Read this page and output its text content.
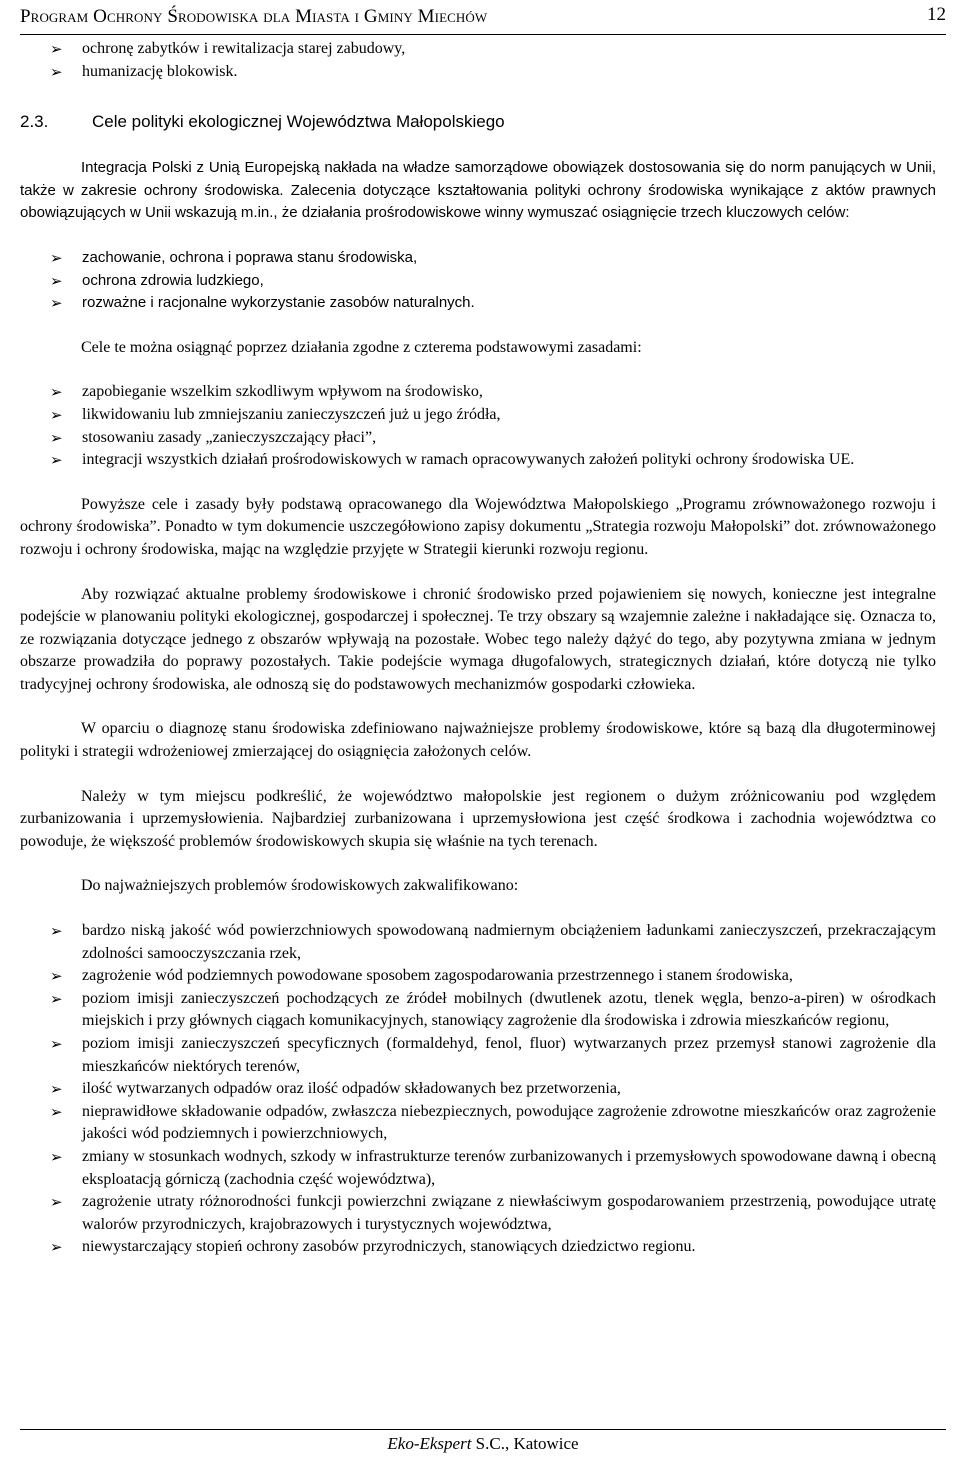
Program Ochrony Środowiska dla Miasta i Gminy Miechów	12
➢ ochronę zabytków i rewitalizacja starej zabudowy,
➢ humanizację blokowisk.
2.3.	Cele polityki ekologicznej Województwa Małopolskiego

Integracja Polski z Unią Europejską nakłada na władze samorządowe obowiązek dostosowania się do norm panujących w Unii, także w zakresie ochrony środowiska. Zalecenia dotyczące kształtowania polityki ochrony środowiska wynikające z aktów prawnych obowiązujących w Unii wskazują m.in., że działania prośrodowiskowe winny wymuszać osiągnięcie trzech kluczowych celów:

➢ zachowanie, ochrona i poprawa stanu środowiska,
➢ ochrona zdrowia ludzkiego,
➢ rozważne i racjonalne wykorzystanie zasobów naturalnych.

Cele te można osiągnąć poprzez działania zgodne z czterema podstawowymi zasadami:

➢ zapobieganie wszelkim szkodliwym wpływom na środowisko,
➢ likwidowaniu lub zmniejszaniu zanieczyszczeń już u jego źródła,
➢ stosowaniu zasady „zanieczyszczający płaci”,
➢ integracji wszystkich działań prośrodowiskowych w ramach opracowywanych założeń polityki ochrony środowiska UE.

Powyższe cele i zasady były podstawą opracowanego dla Województwa Małopolskiego „Programu zrównoważonego rozwoju i ochrony środowiska”. Ponadto w tym dokumencie uszczegółowiono zapisy dokumentu „Strategia rozwoju Małopolski” dot. zrównoważonego rozwoju i ochrony środowiska, mając na względzie przyjęte w Strategii kierunki rozwoju regionu.

Aby rozwiązać aktualne problemy środowiskowe i chronić środowisko przed pojawieniem się nowych, konieczne jest integralne podejście w planowaniu polityki ekologicznej, gospodarczej i społecznej. Te trzy obszary są wzajemnie zależne i nakładające się. Oznacza to, ze rozwiązania dotyczące jednego z obszarów wpływają na pozostałe. Wobec tego należy dążyć do tego, aby pozytywna zmiana w jednym obszarze prowadziła do poprawy pozostałych. Takie podejście wymaga długofalowych, strategicznych działań, które dotyczą nie tylko tradycyjnej ochrony środowiska, ale odnoszą się do podstawowych mechanizmów gospodarki człowieka.

W oparciu o diagnozę stanu środowiska zdefiniowano najważniejsze problemy środowiskowe, które są bazą dla długoterminowej polityki i strategii wdrożeniowej zmierzającej do osiągnięcia założonych celów.

Należy w tym miejscu podkreślić, że województwo małopolskie jest regionem o dużym zróżnicowaniu pod względem zurbanizowania i uprzemysłowienia. Najbardziej zurbanizowana i uprzemysłowiona jest część środkowa i zachodnia województwa co powoduje, że większość problemów środowiskowych skupia się właśnie na tych terenach.

Do najważniejszych problemów środowiskowych zakwalifikowano:

➢ bardzo niską jakość wód powierzchniowych spowodowaną nadmiernym obciążeniem ładunkami zanieczyszczeń, przekraczającym zdolności samooczyszczania rzek,
➢ zagrożenie wód podziemnych powodowane sposobem zagospodarowania przestrzennego i stanem środowiska,
➢ poziom imisji zanieczyszczeń pochodzących ze źródeł mobilnych (dwutlenek azotu, tlenek węgla, benzo-a-piren) w ośrodkach miejskich i przy głównych ciągach komunikacyjnych, stanowiący zagrożenie dla środowiska i zdrowia mieszkańców regionu,
➢ poziom imisji zanieczyszczeń specyficznych (formaldehyd, fenol, fluor) wytwarzanych przez przemysł stanowi zagrożenie dla mieszkańców niektórych terenów,
➢ ilość wytwarzanych odpadów oraz ilość odpadów składowanych bez przetworzenia,
➢ nieprawidłowe składowanie odpadów, zwłaszcza niebezpiecznych, powodujące zagrożenie zdrowotne mieszkańców oraz zagrożenie jakości wód podziemnych i powierzchniowych,
➢ zmiany w stosunkach wodnych, szkody w infrastrukturze terenów zurbanizowanych i przemysłowych spowodowane dawną i obecną eksploatacją górniczą (zachodnia część województwa),
➢ zagrożenie utraty różnorodności funkcji powierzchni związane z niewłaściwym gospodarowaniem przestrzenią, powodujące utratę walorów przyrodniczych, krajobrazowych i turystycznych województwa,
➢ niewystarczający stopień ochrony zasobów przyrodniczych, stanowiących dziedzictwo regionu.
Eko-Ekspert S.C., Katowice
